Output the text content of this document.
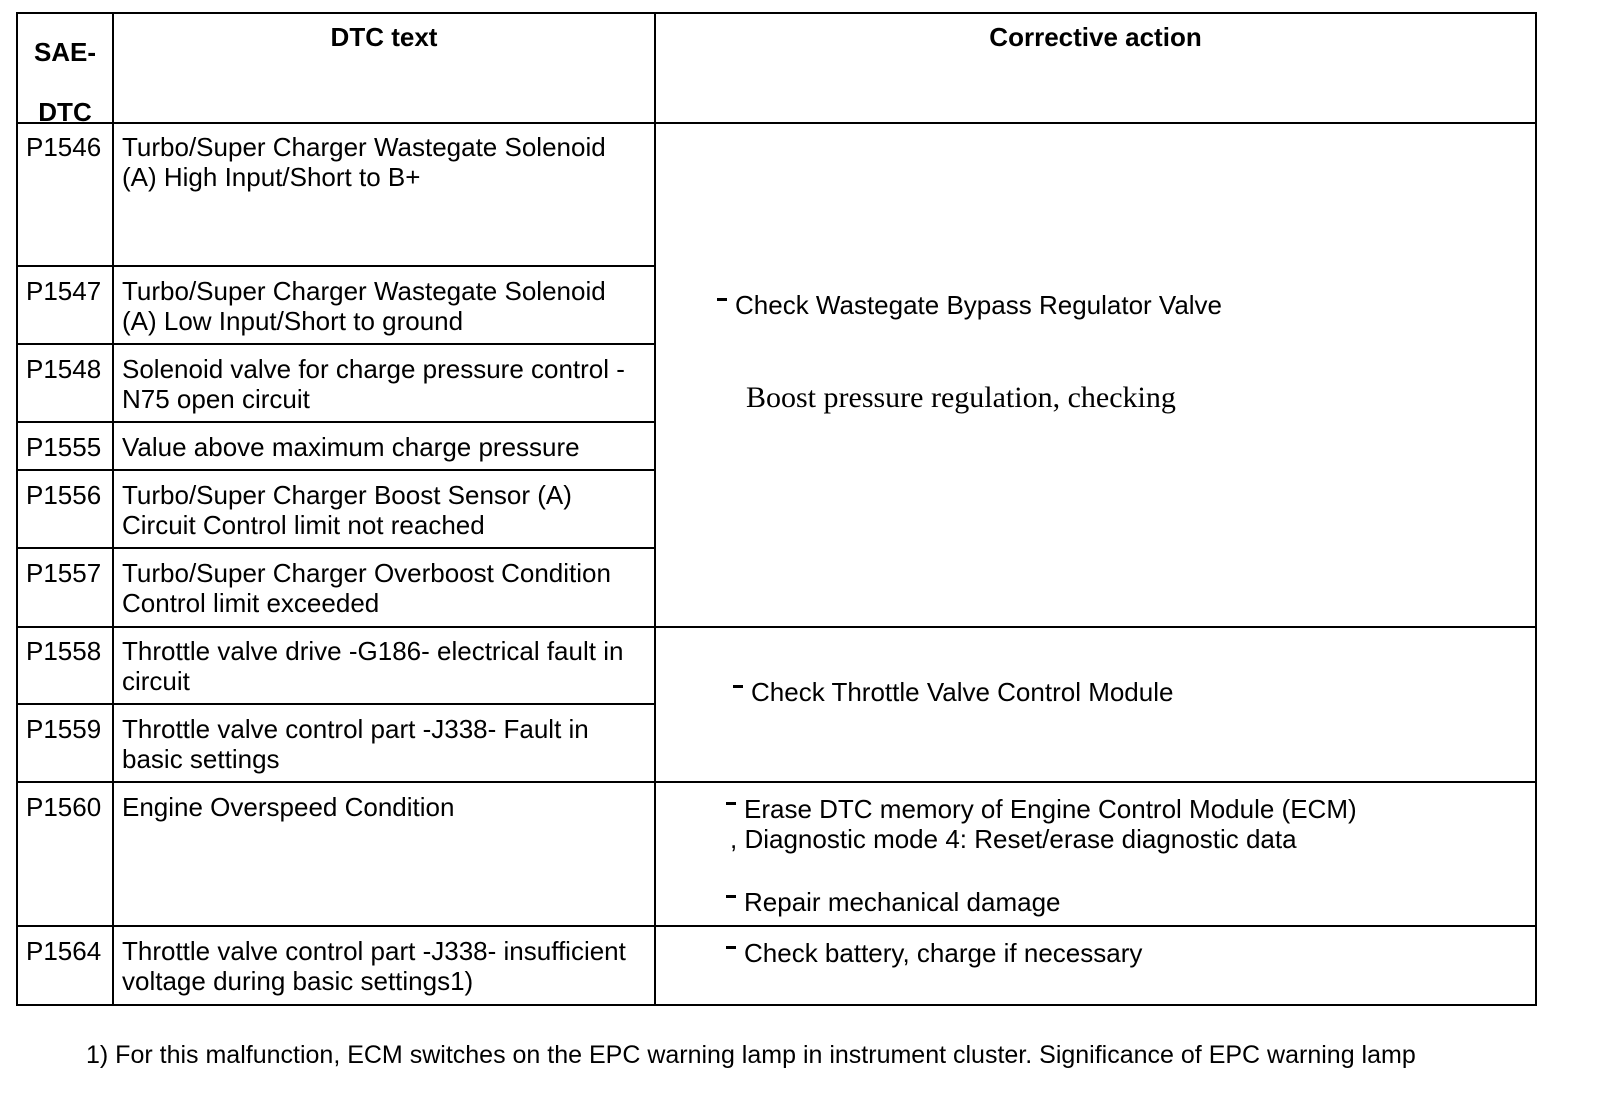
SAE-
DTC
DTC text	Corrective action
P1546 Turbo/Super Charger Wastegate Solenoid
(A) High Input/Short to B+
P1547 Turbo/Super Charger Wastegate Solenoid
(A) Low Input/Short to ground
P1548 Solenoid valve for charge pressure control -
N75 open circuit
P1555 Value above maximum charge pressure
P1556 Turbo/Super Charger Boost Sensor (A)
Circuit Control limit not reached
P1557 Turbo/Super Charger Overboost Condition
Control limit exceeded
P1558 Throttle valve drive -G186- electrical fault in
circuit
P1559 Throttle valve control part -J338- Fault in
basic settings
P1560 Engine Overspeed Condition
P1564 Throttle valve control part -J338- insufficient
voltage during basic settings1)
Check Wastegate Bypass Regulator Valve
Boost pressure regulation, checking
Check Throttle Valve Control Module
Erase DTC memory of Engine Control Module (ECM)
, Diagnostic mode 4: Reset/erase diagnostic data
Repair mechanical damage
Check battery, charge if necessary
1) For this malfunction, ECM switches on the EPC warning lamp in instrument cluster. Significance of EPC warning lamp
